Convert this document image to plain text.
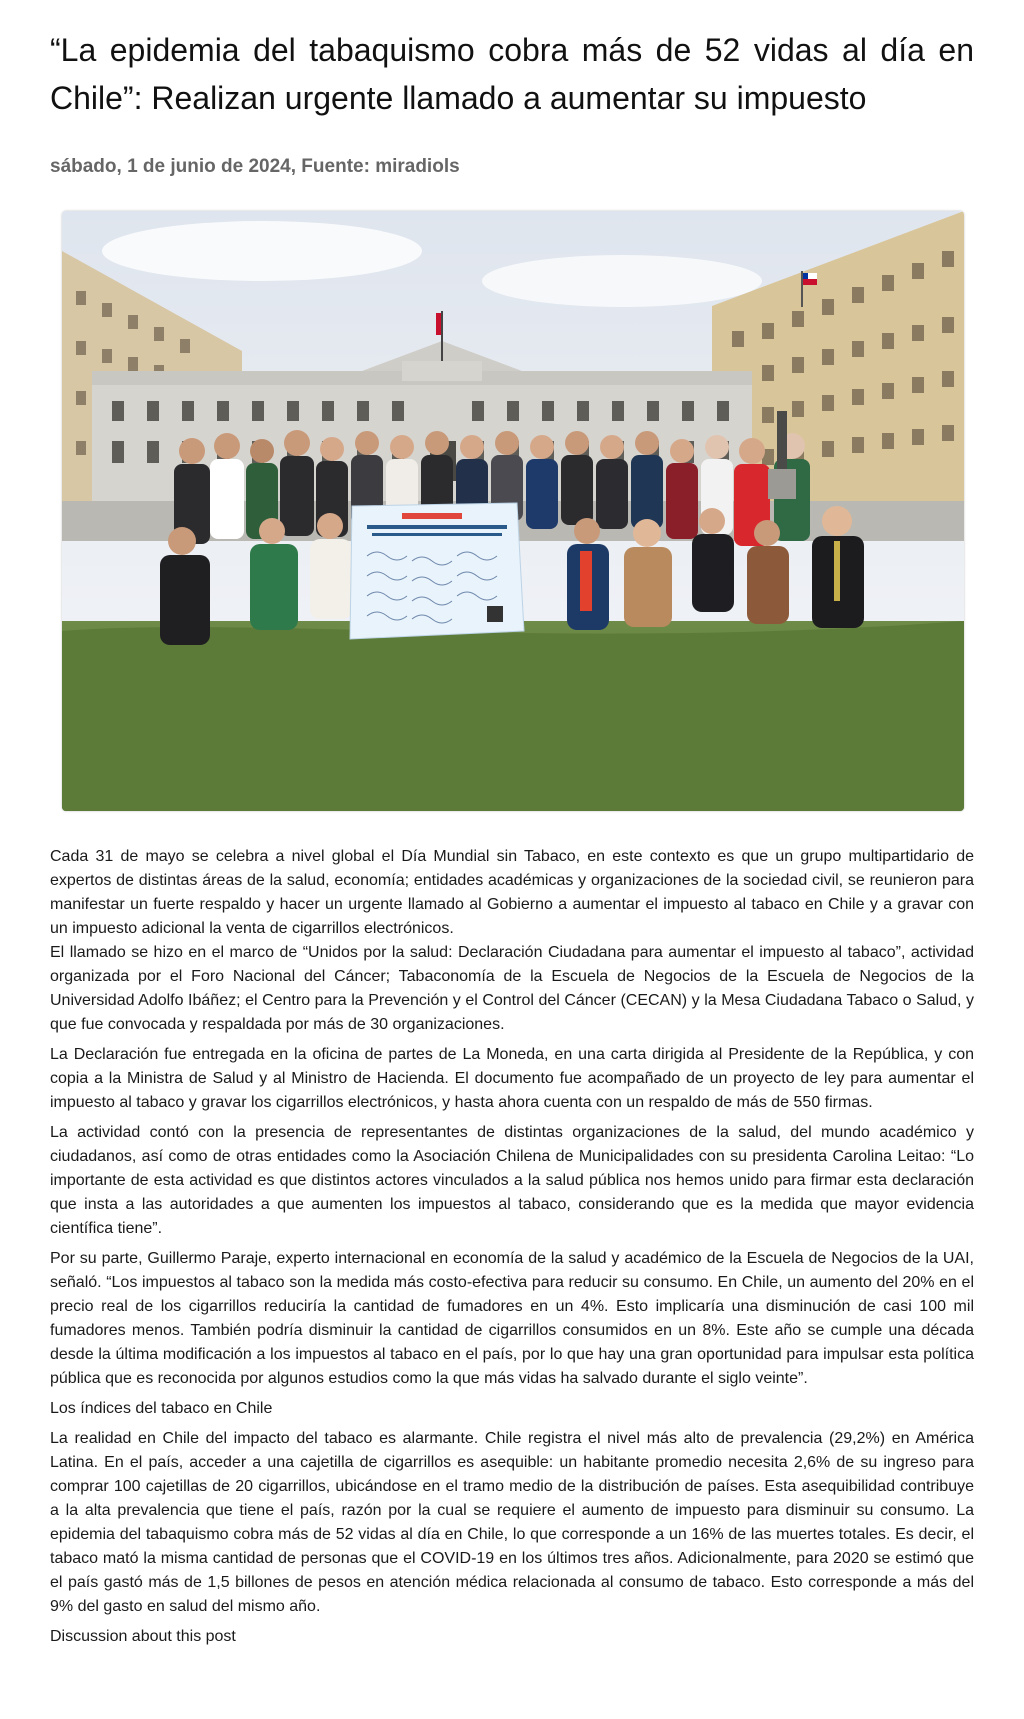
“La epidemia del tabaquismo cobra más de 52 vidas al día en Chile”: Realizan urgente llamado a aumentar su impuesto
sábado, 1 de junio de 2024, Fuente: miradiols

Cada 31 de mayo se celebra a nivel global el Día Mundial sin Tabaco, en este contexto es que un grupo multipartidario de expertos de distintas áreas de la salud, economía; entidades académicas y organizaciones de la sociedad civil, se reunieron para manifestar un fuerte respaldo y hacer un urgente llamado al Gobierno a aumentar el impuesto al tabaco en Chile y a gravar con un impuesto adicional la venta de cigarrillos electrónicos.

El llamado se hizo en el marco de “Unidos por la salud: Declaración Ciudadana para aumentar el impuesto al tabaco”, actividad organizada por el Foro Nacional del Cáncer; Tabaconomía de la Escuela de Negocios de la Escuela de Negocios de la Universidad Adolfo Ibáñez; el Centro para la Prevención y el Control del Cáncer (CECAN) y la Mesa Ciudadana Tabaco o Salud, y que fue convocada y respaldada por más de 30 organizaciones.

La Declaración fue entregada en la oficina de partes de La Moneda, en una carta dirigida al Presidente de la República, y con copia a la Ministra de Salud y al Ministro de Hacienda. El documento fue acompañado de un proyecto de ley para aumentar el impuesto al tabaco y gravar los cigarrillos electrónicos, y hasta ahora cuenta con un respaldo de más de 550 firmas.

La actividad contó con la presencia de representantes de distintas organizaciones de la salud, del mundo académico y ciudadanos, así como de otras entidades como la Asociación Chilena de Municipalidades con su presidenta Carolina Leitao: “Lo importante de esta actividad es que distintos actores vinculados a la salud pública nos hemos unido para firmar esta declaración que insta a las autoridades a que aumenten los impuestos al tabaco, considerando que es la medida que mayor evidencia científica tiene”.

Por su parte, Guillermo Paraje, experto internacional en economía de la salud y académico de la Escuela de Negocios de la UAI, señaló. “Los impuestos al tabaco son la medida más costo-efectiva para reducir su consumo. En Chile, un aumento del 20% en el precio real de los cigarrillos reduciría la cantidad de fumadores en un 4%. Esto implicaría una disminución de casi 100 mil fumadores menos. También podría disminuir la cantidad de cigarrillos consumidos en un 8%. Este año se cumple una década desde la última modificación a los impuestos al tabaco en el país, por lo que hay una gran oportunidad para impulsar esta política pública que es reconocida por algunos estudios como la que más vidas ha salvado durante el siglo veinte”.

Los índices del tabaco en Chile

La realidad en Chile del impacto del tabaco es alarmante. Chile registra el nivel más alto de prevalencia (29,2%) en América Latina. En el país, acceder a una cajetilla de cigarrillos es asequible: un habitante promedio necesita 2,6% de su ingreso para comprar 100 cajetillas de 20 cigarrillos, ubicándose en el tramo medio de la distribución de países. Esta asequibilidad contribuye a la alta prevalencia que tiene el país, razón por la cual se requiere el aumento de impuesto para disminuir su consumo. La epidemia del tabaquismo cobra más de 52 vidas al día en Chile, lo que corresponde a un 16% de las muertes totales. Es decir, el tabaco mató la misma cantidad de personas que el COVID-19 en los últimos tres años. Adicionalmente, para 2020 se estimó que el país gastó más de 1,5 billones de pesos en atención médica relacionada al consumo de tabaco. Esto corresponde a más del 9% del gasto en salud del mismo año.

Discussion about this post
